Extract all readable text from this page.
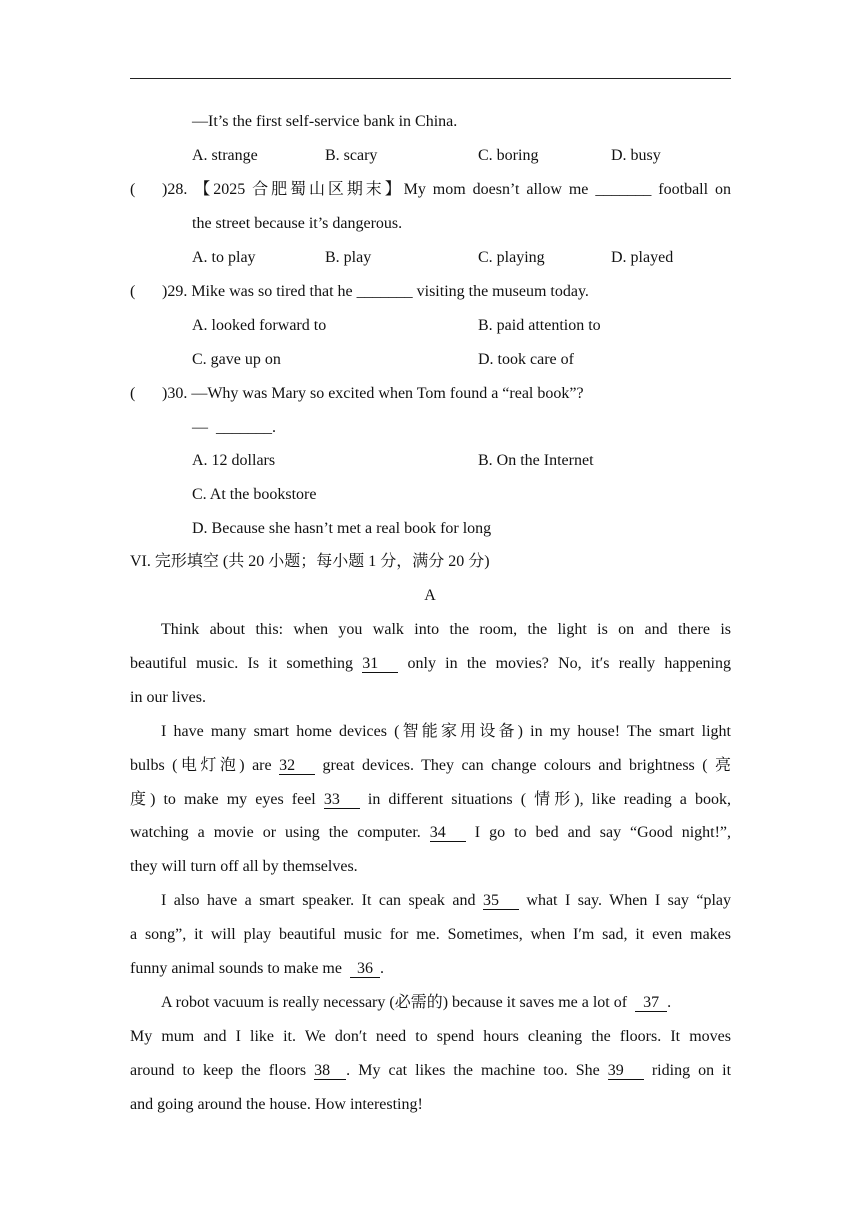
—It’s the first self-service bank in China.
A. strange	B. scary	C. boring	D. busy
( )28. 【2025 合肥蜀山区期末】My mom doesn’t allow me _______ football on
the street because it’s dangerous.
A. to play	B. play	C. playing	D. played
( )29. Mike was so tired that he _______ visiting the museum today.
A. looked forward to	B. paid attention to
C. gave up on	D. took care of
( )30. —Why was Mary so excited when Tom found a “real book”?
— _______.
A. 12 dollars	B. On the Internet
C. At the bookstore
D. Because she hasn’t met a real book for long
VI. 完形填空 (共 20 小题；每小题 1 分，满分 20 分)
A
Think about this: when you walk into the room, the light is on and there is
beautiful music. Is it something 31 only in the movies? No, it′s really happening
in our lives.
I have many smart home devices (智能家用设备) in my house! The smart light
bulbs (电灯泡) are 32 great devices. They can change colours and brightness ( 亮
度) to make my eyes feel 33 in different situations ( 情形), like reading a book,
watching a movie or using the computer. 34 I go to bed and say “Good night!”,
they will turn off all by themselves.
I also have a smart speaker. It can speak and 35 what I say. When I say “play
a song”, it will play beautiful music for me. Sometimes, when I′m sad, it even makes
funny animal sounds to make me 36 .
A robot vacuum is really necessary (必需的) because it saves me a lot of 37 .
My mum and I like it. We don′t need to spend hours cleaning the floors. It moves
around to keep the floors 38 . My cat likes the machine too. She 39 riding on it
and going around the house. How interesting!
